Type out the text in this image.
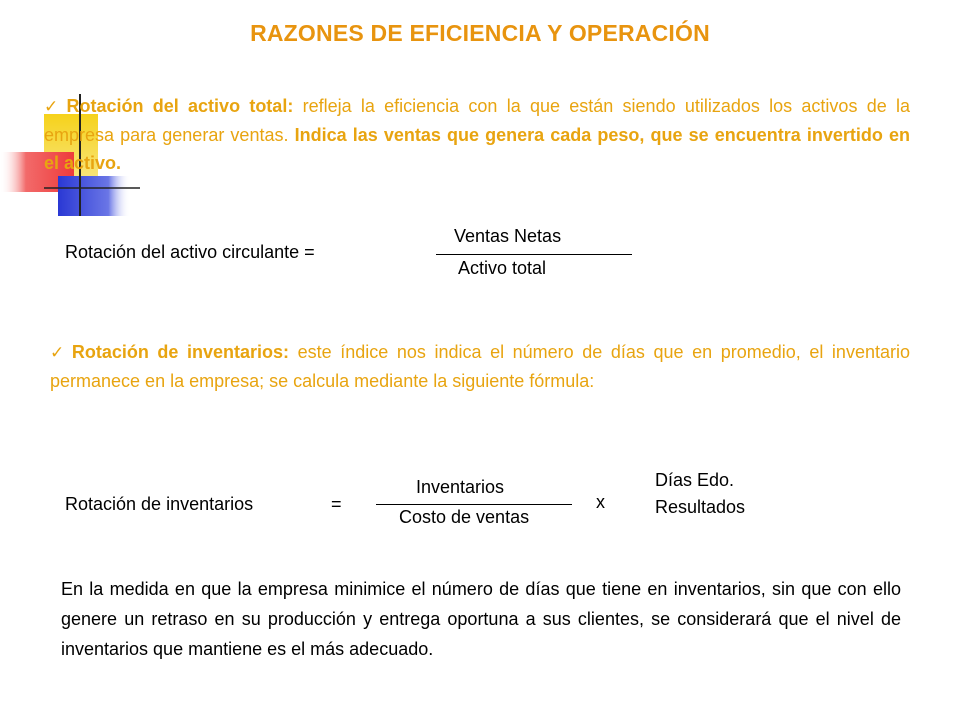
RAZONES DE EFICIENCIA Y OPERACIÓN
✓ Rotación del activo total: refleja la eficiencia con la que están siendo utilizados los activos de la empresa para generar ventas. Indica las ventas que genera cada peso, que se encuentra invertido en el activo.
Rotación del activo circulante =
Ventas Netas
Activo total
✓ Rotación de inventarios: este índice nos indica el número de días que en promedio, el inventario permanece en la empresa; se calcula mediante la siguiente fórmula:
Rotación de inventarios	=
Inventarios
Costo de ventas
x
Días Edo.
Resultados
En la medida en que la empresa minimice el número de días que tiene en inventarios, sin que con ello genere un retraso en su producción y entrega oportuna a sus clientes, se considerará que el nivel de inventarios que mantiene es el más adecuado.
